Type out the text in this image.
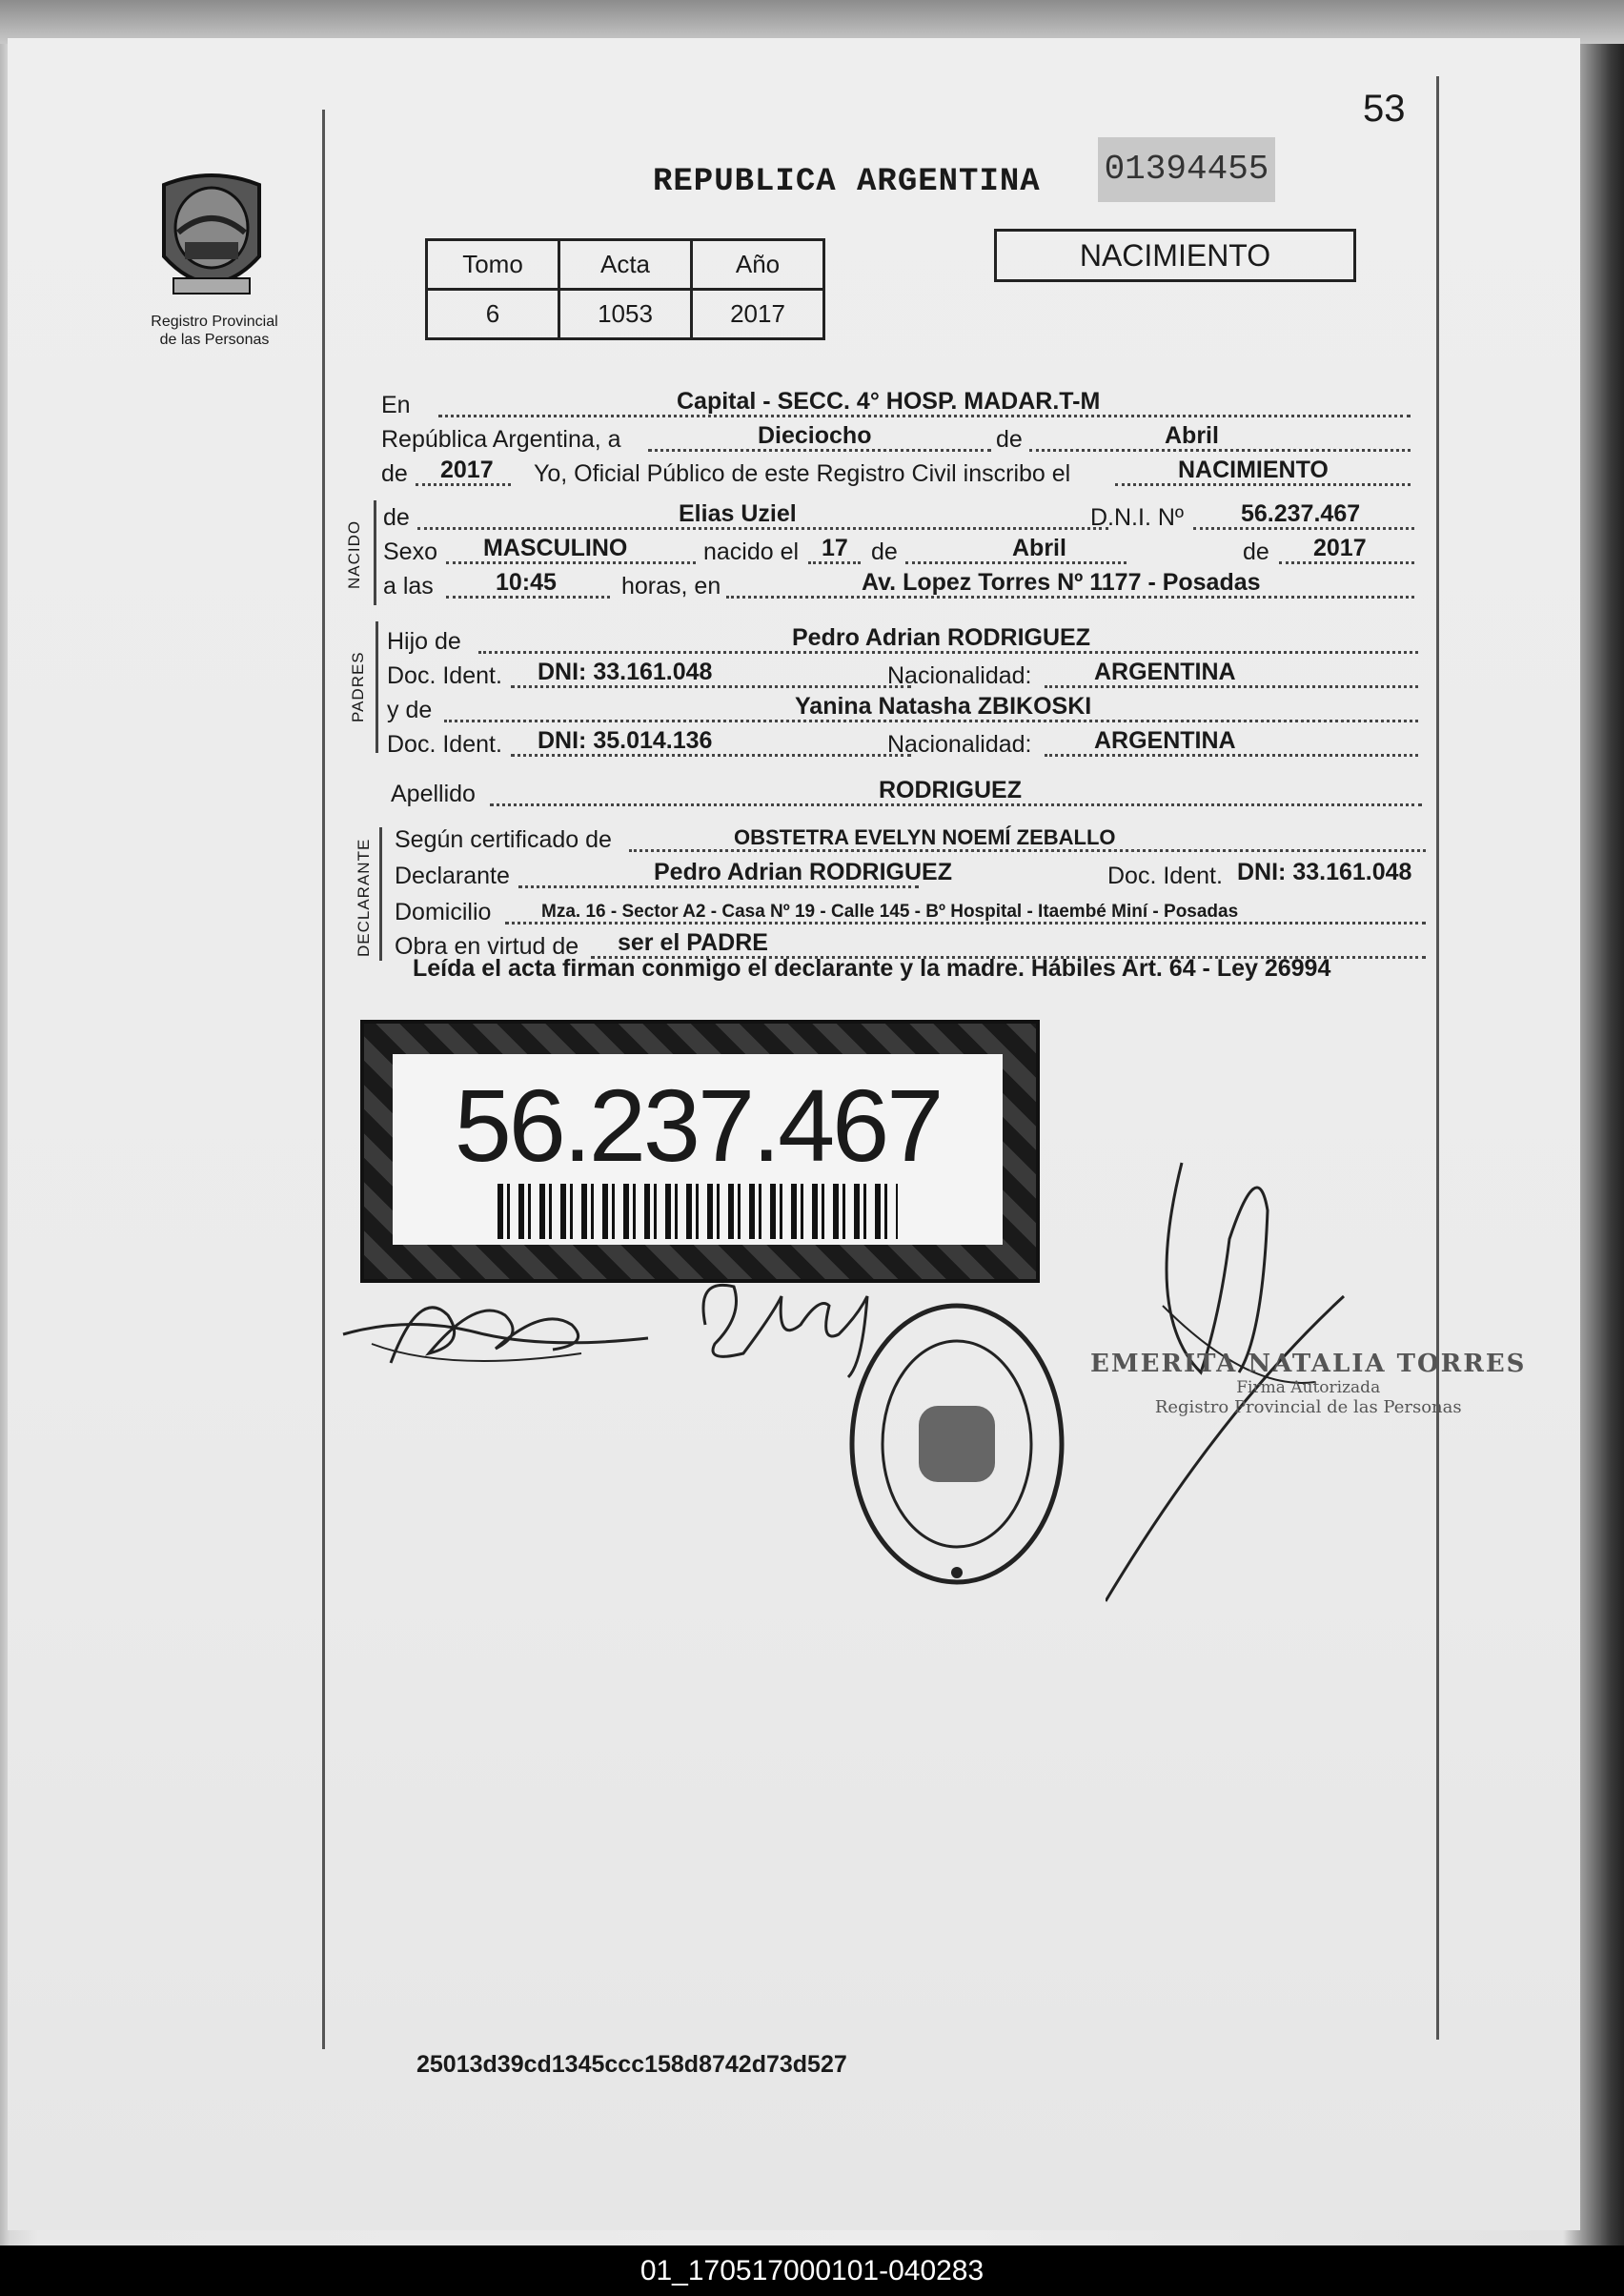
53
Registro Provincial
de las Personas
REPUBLICA ARGENTINA 01394455
Tomo	Acta	Año
6	1053	2017
NACIMIENTO
En	Capital - SECC. 4° HOSP. MADAR.T-M
República Argentina, a	Dieciocho	de	Abril
de 2017 Yo, Oficial Público de este Registro Civil inscribo el	NACIMIENTO
NACIDO
de	Elias Uziel	D.N.I. Nº 56.237.467
Sexo MASCULINO	nacido el 17 de	Abril	de 2017
a las	10:45	horas, en	Av. Lopez Torres Nº 1177 - Posadas
PADRES
Hijo de	Pedro Adrian RODRIGUEZ
Doc. Ident. DNI: 33.161.048	Nacionalidad:	ARGENTINA
y de	Yanina Natasha ZBIKOSKI
Doc. Ident. DNI: 35.014.136	Nacionalidad:	ARGENTINA
Apellido	RODRIGUEZ
DECLARANTE Según certificado de	OBSTETRA EVELYN NOEMÍ ZEBALLO
Declarante	Pedro Adrian RODRIGUEZ	Doc. Ident. DNI: 33.161.048
Domicilio	Mza. 16 - Sector A2 - Casa Nº 19 - Calle 145 - Bº Hospital - Itaembé Miní - Posadas
Obra en virtud de ser el PADRE
Leída el acta firman conmigo el declarante y la madre. Hábiles Art. 64 - Ley 26994
56.237.467
EMERITA NATALIA TORRES
Firma Autorizada
Registro Provincial de las Personas
25013d39cd1345ccc158d8742d73d527
01_170517000101-040283
